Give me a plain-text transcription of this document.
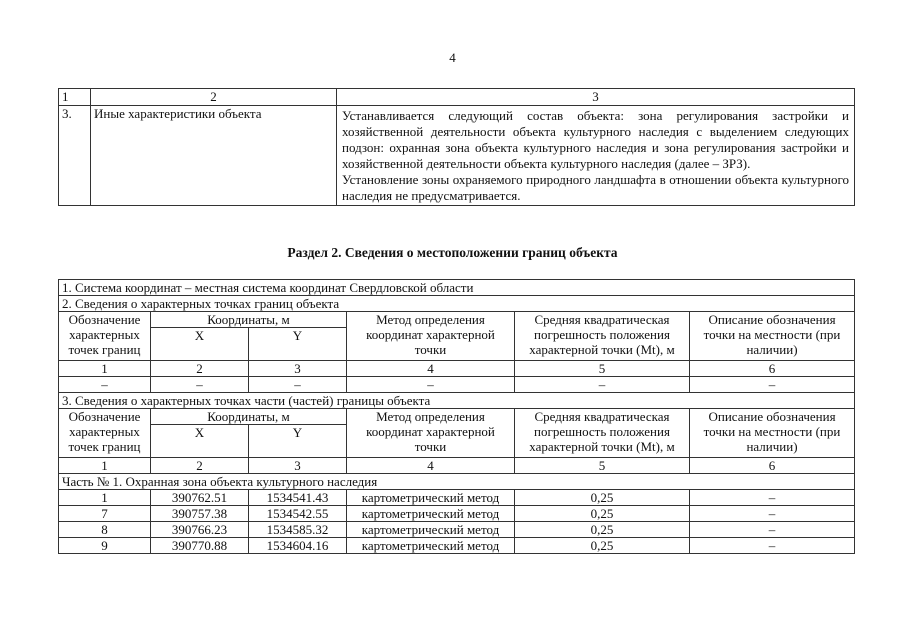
4
1	2	3
3.	Иные характеристики объекта	Устанавливается следующий состав объекта: зона регулирования застройки и хозяйственной деятельности объекта культурного наследия с выделением следующих подзон: охранная зона объекта культурного наследия и зона регулирования застройки и хозяйственной деятельности объекта культурного наследия (далее – ЗРЗ).
Установление зоны охраняемого природного ландшафта в отношении объекта культурного наследия не предусматривается.
Раздел 2. Сведения о местоположении границ объекта
1. Система координат – местная система координат Свердловской области					
2. Сведения о характерных точках границ объекта					
Обозначение характерных точек границ	Координаты, м		Метод определения координат характерной точки	Средняя квадратическая погрешность положения характерной точки (Mt), м	Описание обозначения точки на местности (при наличии)
	X	Y			
1	2	3	4	5	6
–	–	–	–	–	–
3. Сведения о характерных точках части (частей) границы объекта					
Обозначение характерных точек границ	Координаты, м		Метод определения координат характерной точки	Средняя квадратическая погрешность положения характерной точки (Mt), м	Описание обозначения точки на местности (при наличии)
	X	Y			
1	2	3	4	5	6
Часть № 1. Охранная зона объекта культурного наследия					
1	390762.51	1534541.43	картометрический метод	0,25	–
7	390757.38	1534542.55	картометрический метод	0,25	–
8	390766.23	1534585.32	картометрический метод	0,25	–
9	390770.88	1534604.16	картометрический метод	0,25	–
